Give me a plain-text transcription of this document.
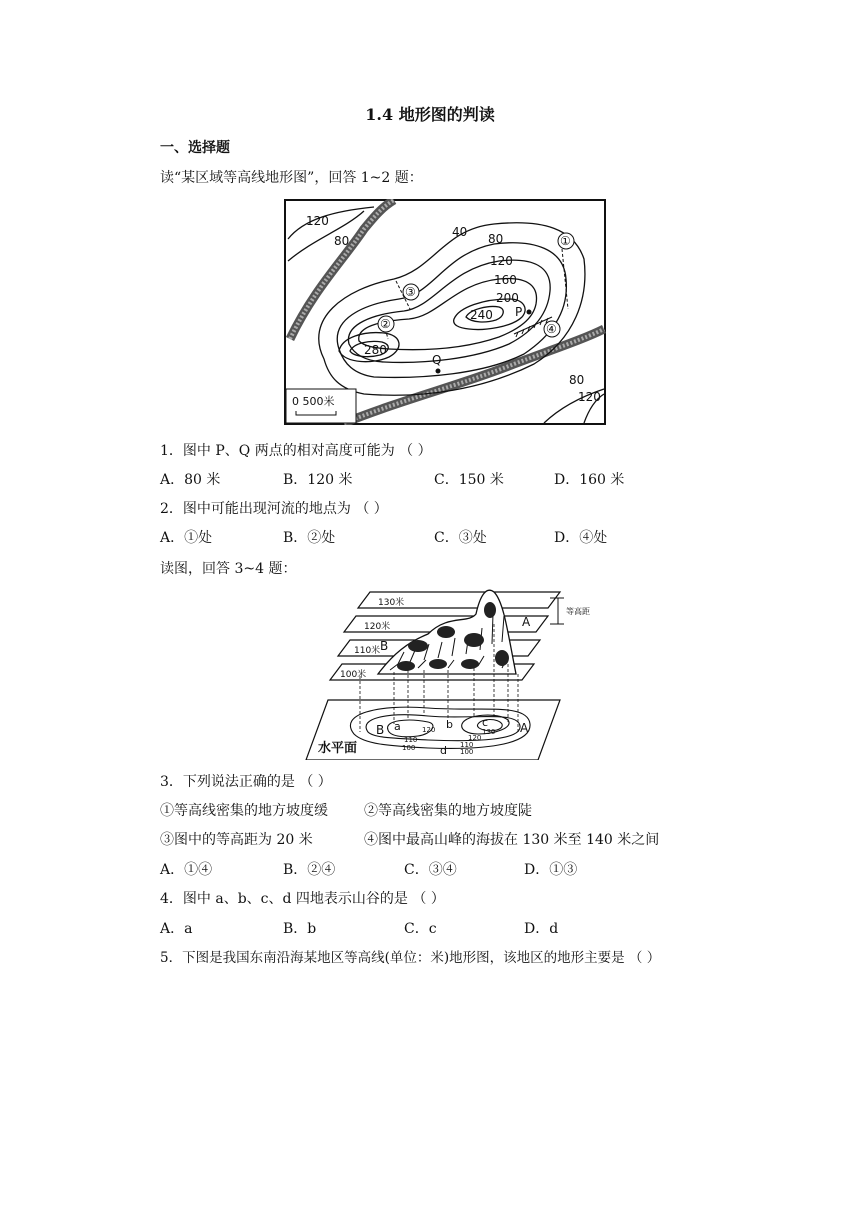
1.4 地形图的判读
一、选择题
读“某区域等高线地形图”，回答 1~2 题：
120
80
40 80
120
160
200
240
280
80
120
P
Q
①
②
③
④
0 500米
1．图中 P、Q 两点的相对高度可能为 （ ）
A．80 米	B．120 米	C．150 米	D．160 米
2．图中可能出现河流的地点为 （ ）
A．①处	B．②处	C．③处	D．④处
读图，回答 3~4 题：
130米
120米
110米
100米
等高距
A
B
水平面
B	A
a	b	c
d
110
120	130
100
120
110
100
3．下列说法正确的是 （ ）
①等高线密集的地方坡度缓	②等高线密集的地方坡度陡
③图中的等高距为 20 米	④图中最高山峰的海拔在 130 米至 140 米之间
A．①④	B．②④	C．③④	D．①③
4．图中 a、b、c、d 四地表示山谷的是 （ ）
A．a	B．b	C．c	D．d
5．下图是我国东南沿海某地区等高线(单位：米)地形图，该地区的地形主要是 （ ）
